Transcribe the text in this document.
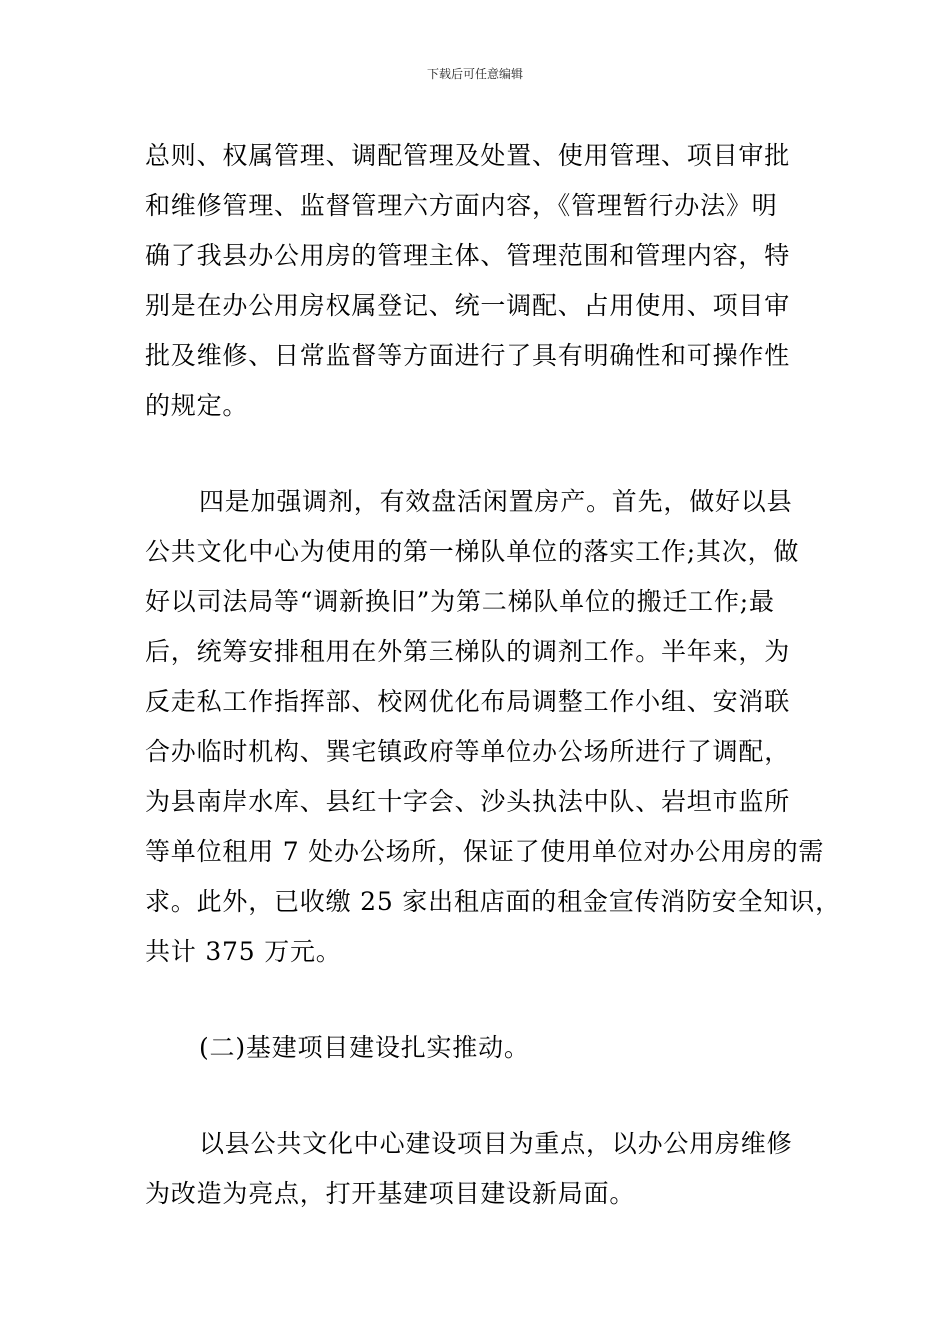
下载后可任意编辑

总则、权属管理、调配管理及处置、使用管理、项目审批
和维修管理、监督管理六方面内容，《管理暂行办法》明
确了我县办公用房的管理主体、管理范围和管理内容，特
别是在办公用房权属登记、统一调配、占用使用、项目审
批及维修、日常监督等方面进行了具有明确性和可操作性
的规定。

四是加强调剂，有效盘活闲置房产。首先，做好以县
公共文化中心为使用的第一梯队单位的落实工作;其次，做
好以司法局等“调新换旧”为第二梯队单位的搬迁工作;最
后，统筹安排租用在外第三梯队的调剂工作。半年来，为
反走私工作指挥部、校网优化布局调整工作小组、安消联
合办临时机构、巽宅镇政府等单位办公场所进行了调配，
为县南岸水库、县红十字会、沙头执法中队、岩坦市监所
等单位租用 7 处办公场所，保证了使用单位对办公用房的需
求。此外，已收缴 25 家出租店面的租金宣传消防安全知识，
共计 375 万元。

(二)基建项目建设扎实推动。

以县公共文化中心建设项目为重点，以办公用房维修
为改造为亮点，打开基建项目建设新局面。
